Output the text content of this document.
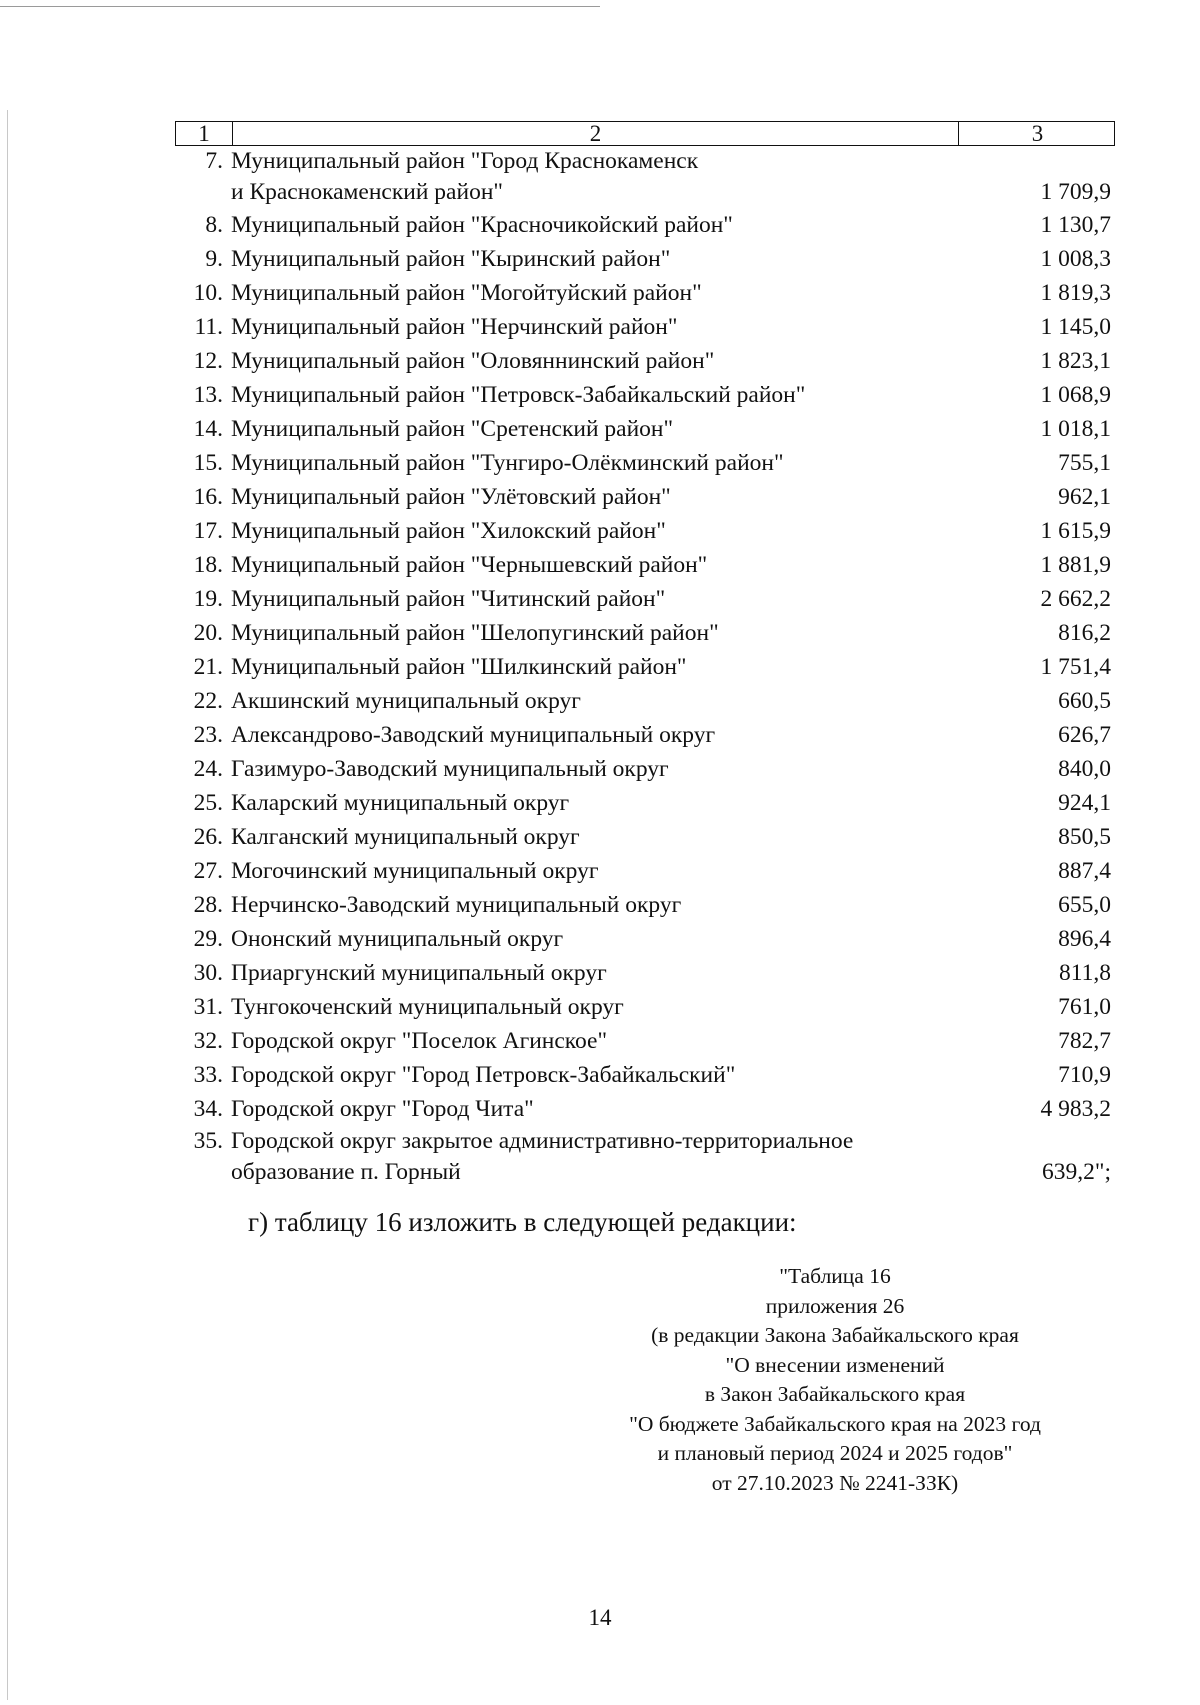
1	2	3
7. Муниципальный район "Город Краснокаменск
и Краснокаменский район"	1 709,9
8. Муниципальный район "Красночикойский район"	1 130,7
9. Муниципальный район "Кыринский район"	1 008,3
10. Муниципальный район "Могойтуйский район"	1 819,3
11. Муниципальный район "Нерчинский район"	1 145,0
12. Муниципальный район "Оловяннинский район"	1 823,1
13. Муниципальный район "Петровск-Забайкальский район"	1 068,9
14. Муниципальный район "Сретенский район"	1 018,1
15. Муниципальный район "Тунгиро-Олёкминский район"	755,1
16. Муниципальный район "Улётовский район"	962,1
17. Муниципальный район "Хилокский район"	1 615,9
18. Муниципальный район "Чернышевский район"	1 881,9
19. Муниципальный район "Читинский район"	2 662,2
20. Муниципальный район "Шелопугинский район"	816,2
21. Муниципальный район "Шилкинский район"	1 751,4
22. Акшинский муниципальный округ	660,5
23. Александрово-Заводский муниципальный округ	626,7
24. Газимуро-Заводский муниципальный округ	840,0
25. Каларский муниципальный округ	924,1
26. Калганский муниципальный округ	850,5
27. Могочинский муниципальный округ	887,4
28. Нерчинско-Заводский муниципальный округ	655,0
29. Ононский муниципальный округ	896,4
30. Приаргунский муниципальный округ	811,8
31. Тунгокоченский муниципальный округ	761,0
32. Городской округ "Поселок Агинское"	782,7
33. Городской округ "Город Петровск-Забайкальский"	710,9
34. Городской округ "Город Чита"	4 983,2
35. Городской округ закрытое административно-территориальное
образование п. Горный	639,2";
г) таблицу 16 изложить в следующей редакции:
"Таблица 16
приложения 26
(в редакции Закона Забайкальского края
"О внесении изменений
в Закон Забайкальского края
"О бюджете Забайкальского края на 2023 год
и плановый период 2024 и 2025 годов"
от 27.10.2023 № 2241-ЗЗК)
14
